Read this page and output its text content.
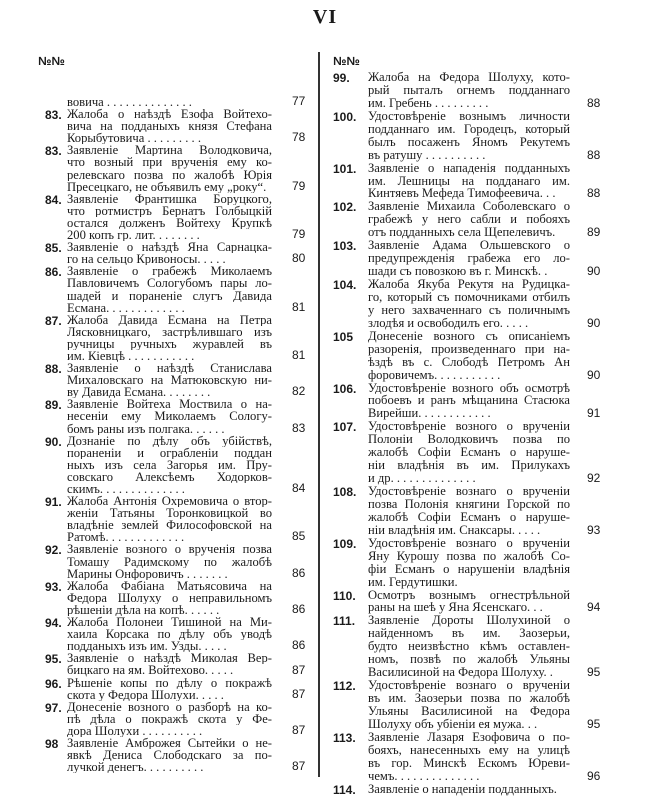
VI
№№	№№
вовича . . . . . . . . . . . . . .	77
83. Жалоба о наѣздѣ Езофа Войтехо-
вича на подданыхъ князя Стефана
Корыбутовича . . . . . . . . .	78
83. Заявленіе Мартина Володковича,
что возный при врученія ему ко-
релевскаго позва по жалобѣ Юрія
Пресецкаго, не объявилъ ему „року“.	79
84. Заявленіе Франтишка Боруцкого,
что ротмистръ Бернатъ Голбыцкій
остался долженъ Войтеху Крупкѣ
200 копъ гр. лит. . . . . . . .	79
85. Заявленіе о наѣздѣ Яна Сарнацка-
го на сельцо Кривоносы. . . . .	80
86. Заявленіе о грабежѣ Миколаемъ
Павловичемъ Сологубомъ пары ло-
шадей и пораненіе слугъ Давида
Есмана. . . . . . . . . . . . .	81
87. Жалоба Давида Есмана на Петра
Лясковницкаго, застрѣлившаго изъ
ручницы ручныхъ журавлей въ
им. Кіевцѣ . . . . . . . . . . .	81
88. Заявленіе о наѣздѣ Станислава
Михаловскаго на Матюковскую ни-
ву Давида Есмана. . . . . . . .	82
89. Заявленіе Войтеха Моствила о на-
несеніи ему Миколаемъ Сологу-
бомъ раны изъ полгака. . . . . .	83
90. Дознаніе по дѣлу объ убійствѣ,
пораненіи и ограбленіи поддан
ныхъ изъ села Загорья им. Пру-
совскаго Алексѣемъ Ходорков-
скимъ. . . . . . . . . . . . . .	84
91. Жалоба Антонія Охремовича о втор-
женіи Татьяны Торонковицкой во
владѣніе землей Философовской на
Ратомѣ. . . . . . . . . . . . .	85
92. Заявленіе возного о врученія позва
Томашу Радимскому по жалобѣ
Марины Онфоровичъ . . . . . . .	86
93. Жалоба Фабіана Матьясовича на
Федора Шолуху о неправильномъ
рѣшеніи дѣла на копѣ. . . . . .	86
94. Жалоба Полонеи Тишиной на Ми-
хаила Корсака по дѣлу объ уводѣ
подданыхъ изъ им. Узды. . . . .	86
95. Заявленіе о наѣздѣ Миколая Вер-
бицкаго на ям. Войтехово. . . . .	87
96. Рѣшеніе копы по дѣлу о покражѣ
скота у Федора Шолухи. . . . .	87
97. Донесеніе возного о разборѣ на ко-
пѣ дѣла о покражѣ скота у Фе-
дора Шолухи . . . . . . . . . .	87
98 Заявленіе Амброжея Сытейки о не-
явкѣ Дениса Слободскаго за по-
лучкой денегъ. . . . . . . . . .	87
99. Жалоба на Федора Шолуху, кото-
рый пыталъ огнемъ подданнаго
им. Гребень . . . . . . . . .	88
100. Удостовѣреніе вознымъ личности
подданнаго им. Городецъ, который
былъ посаженъ Яномъ Рекутемъ
въ ратушу . . . . . . . . . .	88
101. Заявленіе о нападенія подданныхъ
им. Лешницы на подданаго им.
Кинтяевъ Мефеда Тимофеевича. . .	88
102. Заявленіе Михаила Соболевскаго о
грабежѣ у него сабли и побояхъ
отъ подданныхъ села Щепелевичъ.	89
103. Заявленіе Адама Ольшевского о
предупрежденія грабежа его ло-
шади съ повозкою въ г. Минскѣ. .	90
104. Жалоба Якуба Рекутя на Рудицка-
го, который съ помочниками отбилъ
у него захваченнаго съ поличнымъ
злодѣя и освободилъ его. . . . .	90
105 Донесеніе возного съ описаніемъ
разоренія, произведеннаго при на-
ѣздѣ въ с. Слободѣ Петромъ Ан
форовичемъ. . . . . . . . . . .	90
106. Удостовѣреніе возного объ осмотрѣ
побоевъ и ранъ мѣщанина Стасюка
Вирейши. . . . . . . . . . . .	91
107. Удостовѣреніе возного о врученіи
Полоніи Володковичъ позва по
жалобѣ Софіи Есманъ о наруше-
ніи владѣнія въ им. Прилукахъ
и др. . . . . . . . . . . . . .	92
108. Удостовѣреніе вознаго о врученіи
позва Полонія княгини Горской по
жалобѣ Софіи Есманъ о наруше-
ніи владѣнія им. Снаксары. . . . .	93
109. Удостовѣреніе вознаго о врученіи
Яну Курошу позва по жалобѣ Со-
фіи Есманъ о нарушеніи владѣнія
им. Гердутишки.
110. Осмотръ вознымъ огнестрѣльной
раны на шеѣ у Яна Ясенскаго. . .	94
111. Заявленіе Дороты Шолухиной о
найденномъ въ им. Заозерьи,
будто неизвѣстно кѣмъ оставлен-
номъ, позвѣ по жалобѣ Ульяны
Василисиной на Федора Шолуху. .	95
112. Удостовѣреніе вознаго о врученіи
въ им. Заозерьи позва по жалобѣ
Ульяны Василисиной на Федора
Шолуху объ убіеніи ея мужа. . .	95
113. Заявленіе Лазаря Езофовича о по-
бояхъ, нанесенныхъ ему на улицѣ
въ гор. Минскѣ Ескомъ Юреви-
чемъ. . . . . . . . . . . . . .	96
114. Заявленіе о нападеніи подданныхъ.
